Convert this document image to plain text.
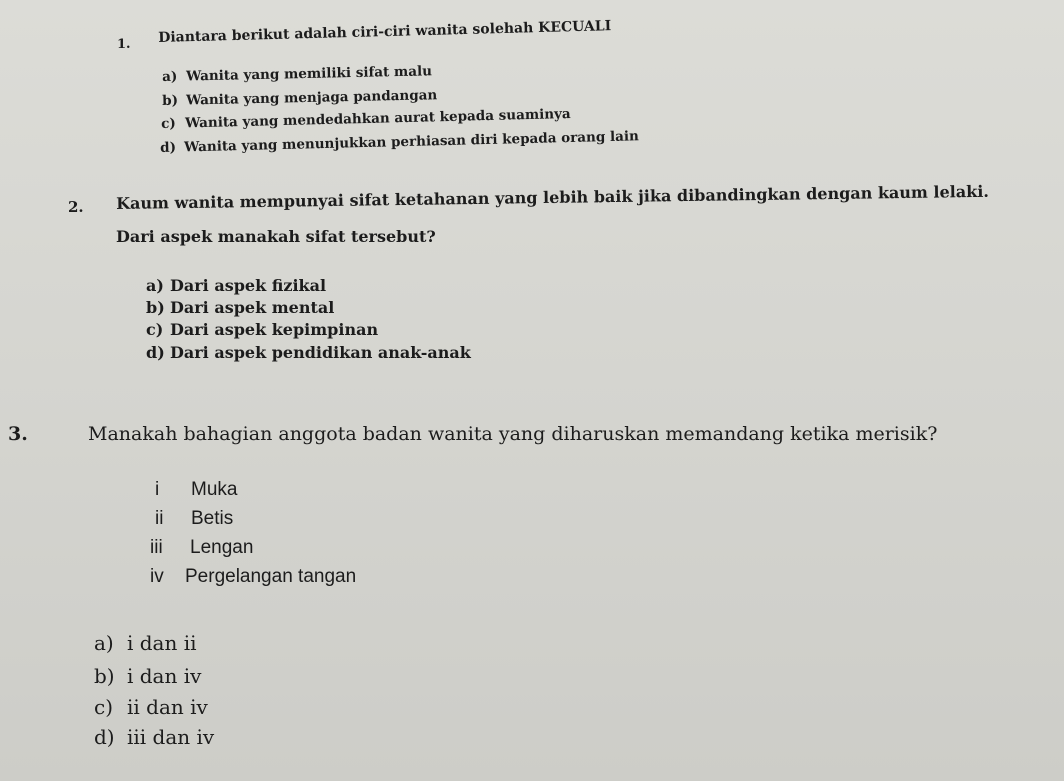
1. Diantara berikut adalah ciri-ciri wanita solehah KECUALI
a) Wanita yang memiliki sifat malu
b) Wanita yang menjaga pandangan
c) Wanita yang mendedahkan aurat kepada suaminya
d) Wanita yang menunjukkan perhiasan diri kepada orang lain
2. Kaum wanita mempunyai sifat ketahanan yang lebih baik jika dibandingkan dengan kaum lelaki.
Dari aspek manakah sifat tersebut?
a) Dari aspek fizikal
b) Dari aspek mental
c) Dari aspek kepimpinan
d) Dari aspek pendidikan anak-anak
3.	Manakah bahagian anggota badan wanita yang diharuskan memandang ketika merisik?
i Muka
ii Betis
iii Lengan
iv Pergelangan tangan
a) i dan ii
b) i dan iv
c) ii dan iv
d) iii dan iv
